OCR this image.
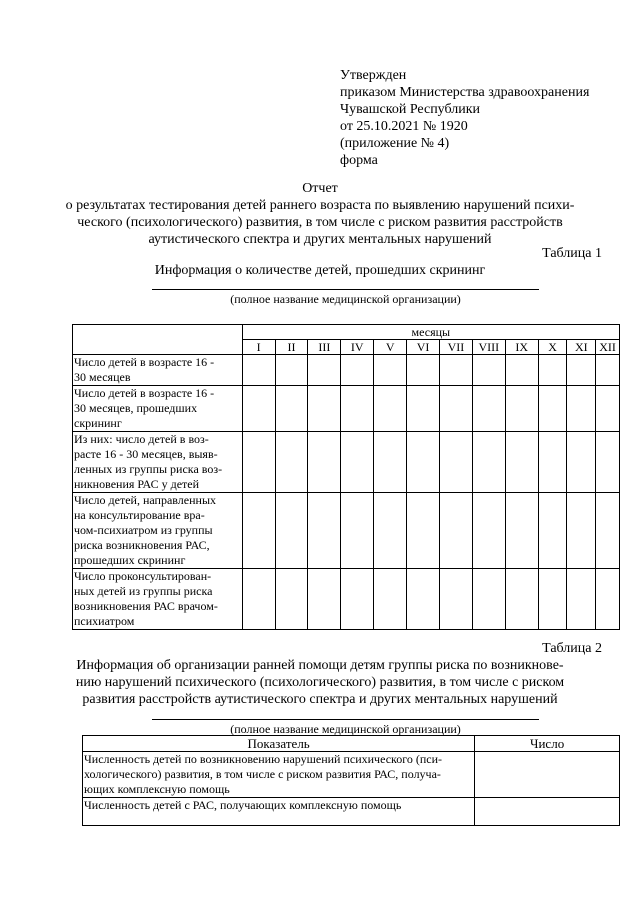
Утвержден
приказом Министерства здравоохранения
Чувашской Республики
от 25.10.2021 № 1920
(приложение № 4)
форма
Отчет
о результатах тестирования детей раннего возраста по выявлению нарушений психи-
ческого (психологического) развития, в том числе с риском развития расстройств
аутистического спектра и других ментальных нарушений
Таблица 1
Информация о количестве детей, прошедших скрининг
(полное название медицинской организации)
	месяцы											
	I	II	III	IV	V	VI	VII	VIII	IX	X	XI	XII

Число детей в возрасте 16 -
30 месяцев												

Число детей в возрасте 16 -
30 месяцев, прошедших
скрининг												

Из них: число детей в воз-
расте 16 - 30 месяцев, выяв-
ленных из группы риска воз-
никновения РАС у детей												

Число детей, направленных
на консультирование вра-
чом-психиатром из группы
риска возникновения РАС,
прошедших скрининг												

Число проконсультирован-
ных детей из группы риска
возникновения РАС врачом-
психиатром												

Таблица 2
Информация об организации ранней помощи детям группы риска по возникнове-
нию нарушений психического (психологического) развития, в том числе с риском
развития расстройств аутистического спектра и других ментальных нарушений
(полное название медицинской организации)
Показатель	Число

Численность детей по возникновению нарушений психического (пси-
хологического) развития, в том числе с риском развития РАС, получа-
ющих комплексную помощь	

Численность детей с РАС, получающих комплексную помощь	
